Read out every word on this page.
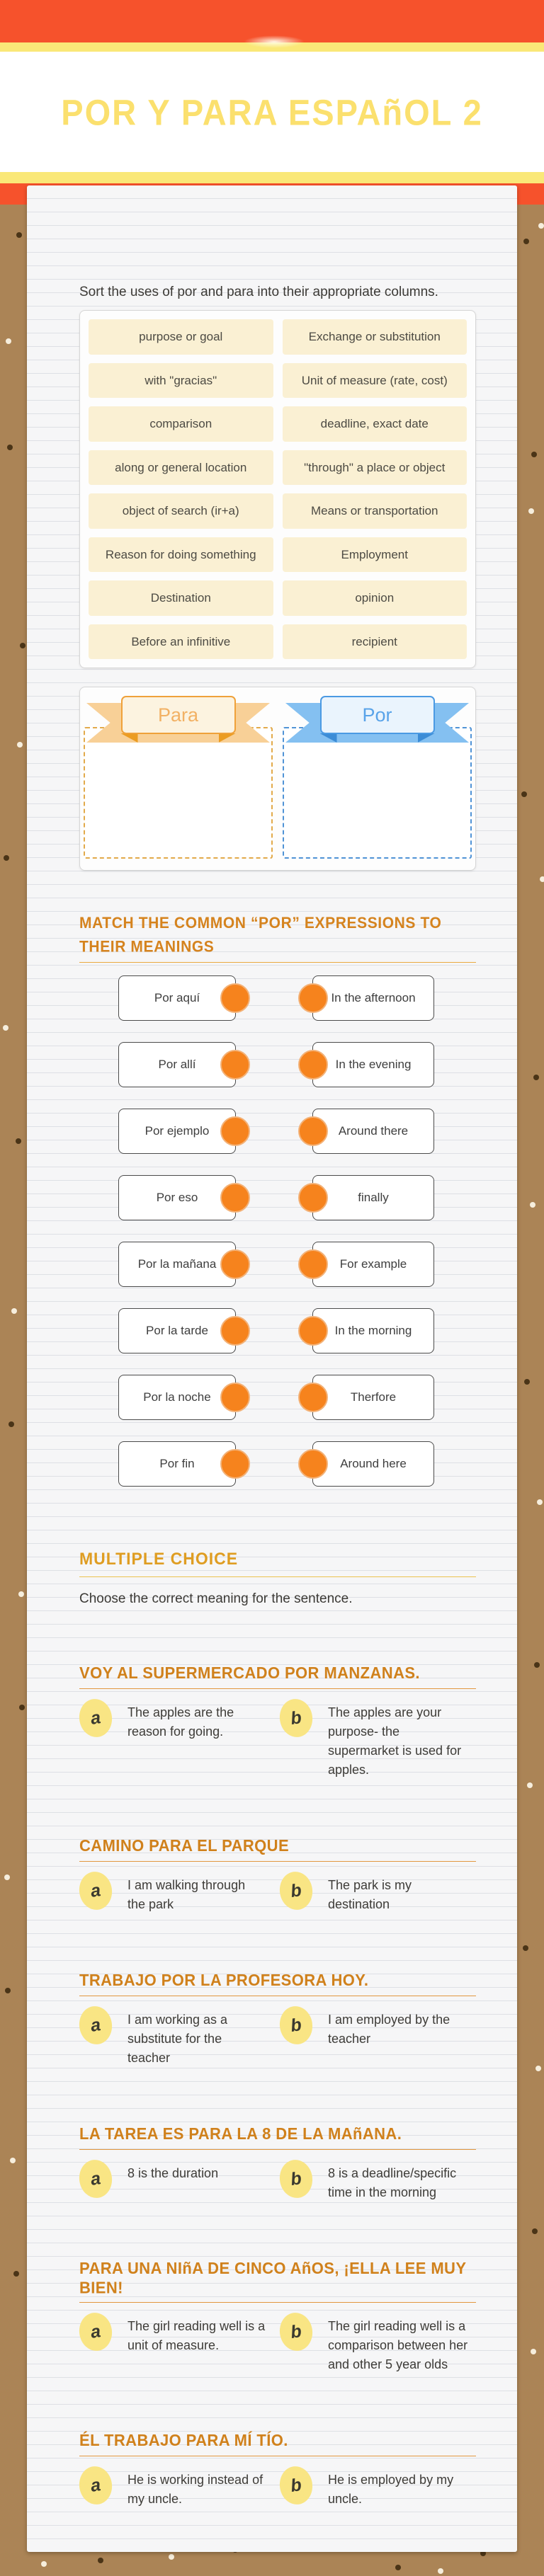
POR Y PARA ESPAñOL 2
Sort the uses of por and para into their appropriate columns.
purpose or goal	Exchange or substitution
with "gracias"	Unit of measure (rate, cost)
comparison	deadline, exact date
along or general location	"through" a place or object
object of search (ir+a)	Means or transportation
Reason for doing something	Employment
Destination	opinion
Before an infinitive	recipient
Para	Por
MATCH THE COMMON “POR” EXPRESSIONS TO THEIR MEANINGS
Por aquí	In the afternoon
Por allí	In the evening
Por ejemplo	Around there
Por eso	finally
Por la mañana	For example
Por la tarde	In the morning
Por la noche	Therfore
Por fin	Around here
MULTIPLE CHOICE
Choose the correct meaning for the sentence.
VOY AL SUPERMERCADO POR MANZANAS.
a	The apples are the reason for going.
b	The apples are your purpose- the supermarket is used for apples.
CAMINO PARA EL PARQUE
a	I am walking through the park
b	The park is my destination
TRABAJO POR LA PROFESORA HOY.
a	I am working as a substitute for the teacher
b	I am employed by the teacher
LA TAREA ES PARA LA 8 DE LA MAñANA.
a	8 is the duration	b	8 is a deadline/specific time in the morning
PARA UNA NIñA DE CINCO AñOS, ¡ELLA LEE MUY BIEN!
a	The girl reading well is a unit of measure.
b	The girl reading well is a comparison between her and other 5 year olds
ÉL TRABAJO PARA MÍ TÍO.
a	He is working instead of my uncle.
b	He is employed by my uncle.
